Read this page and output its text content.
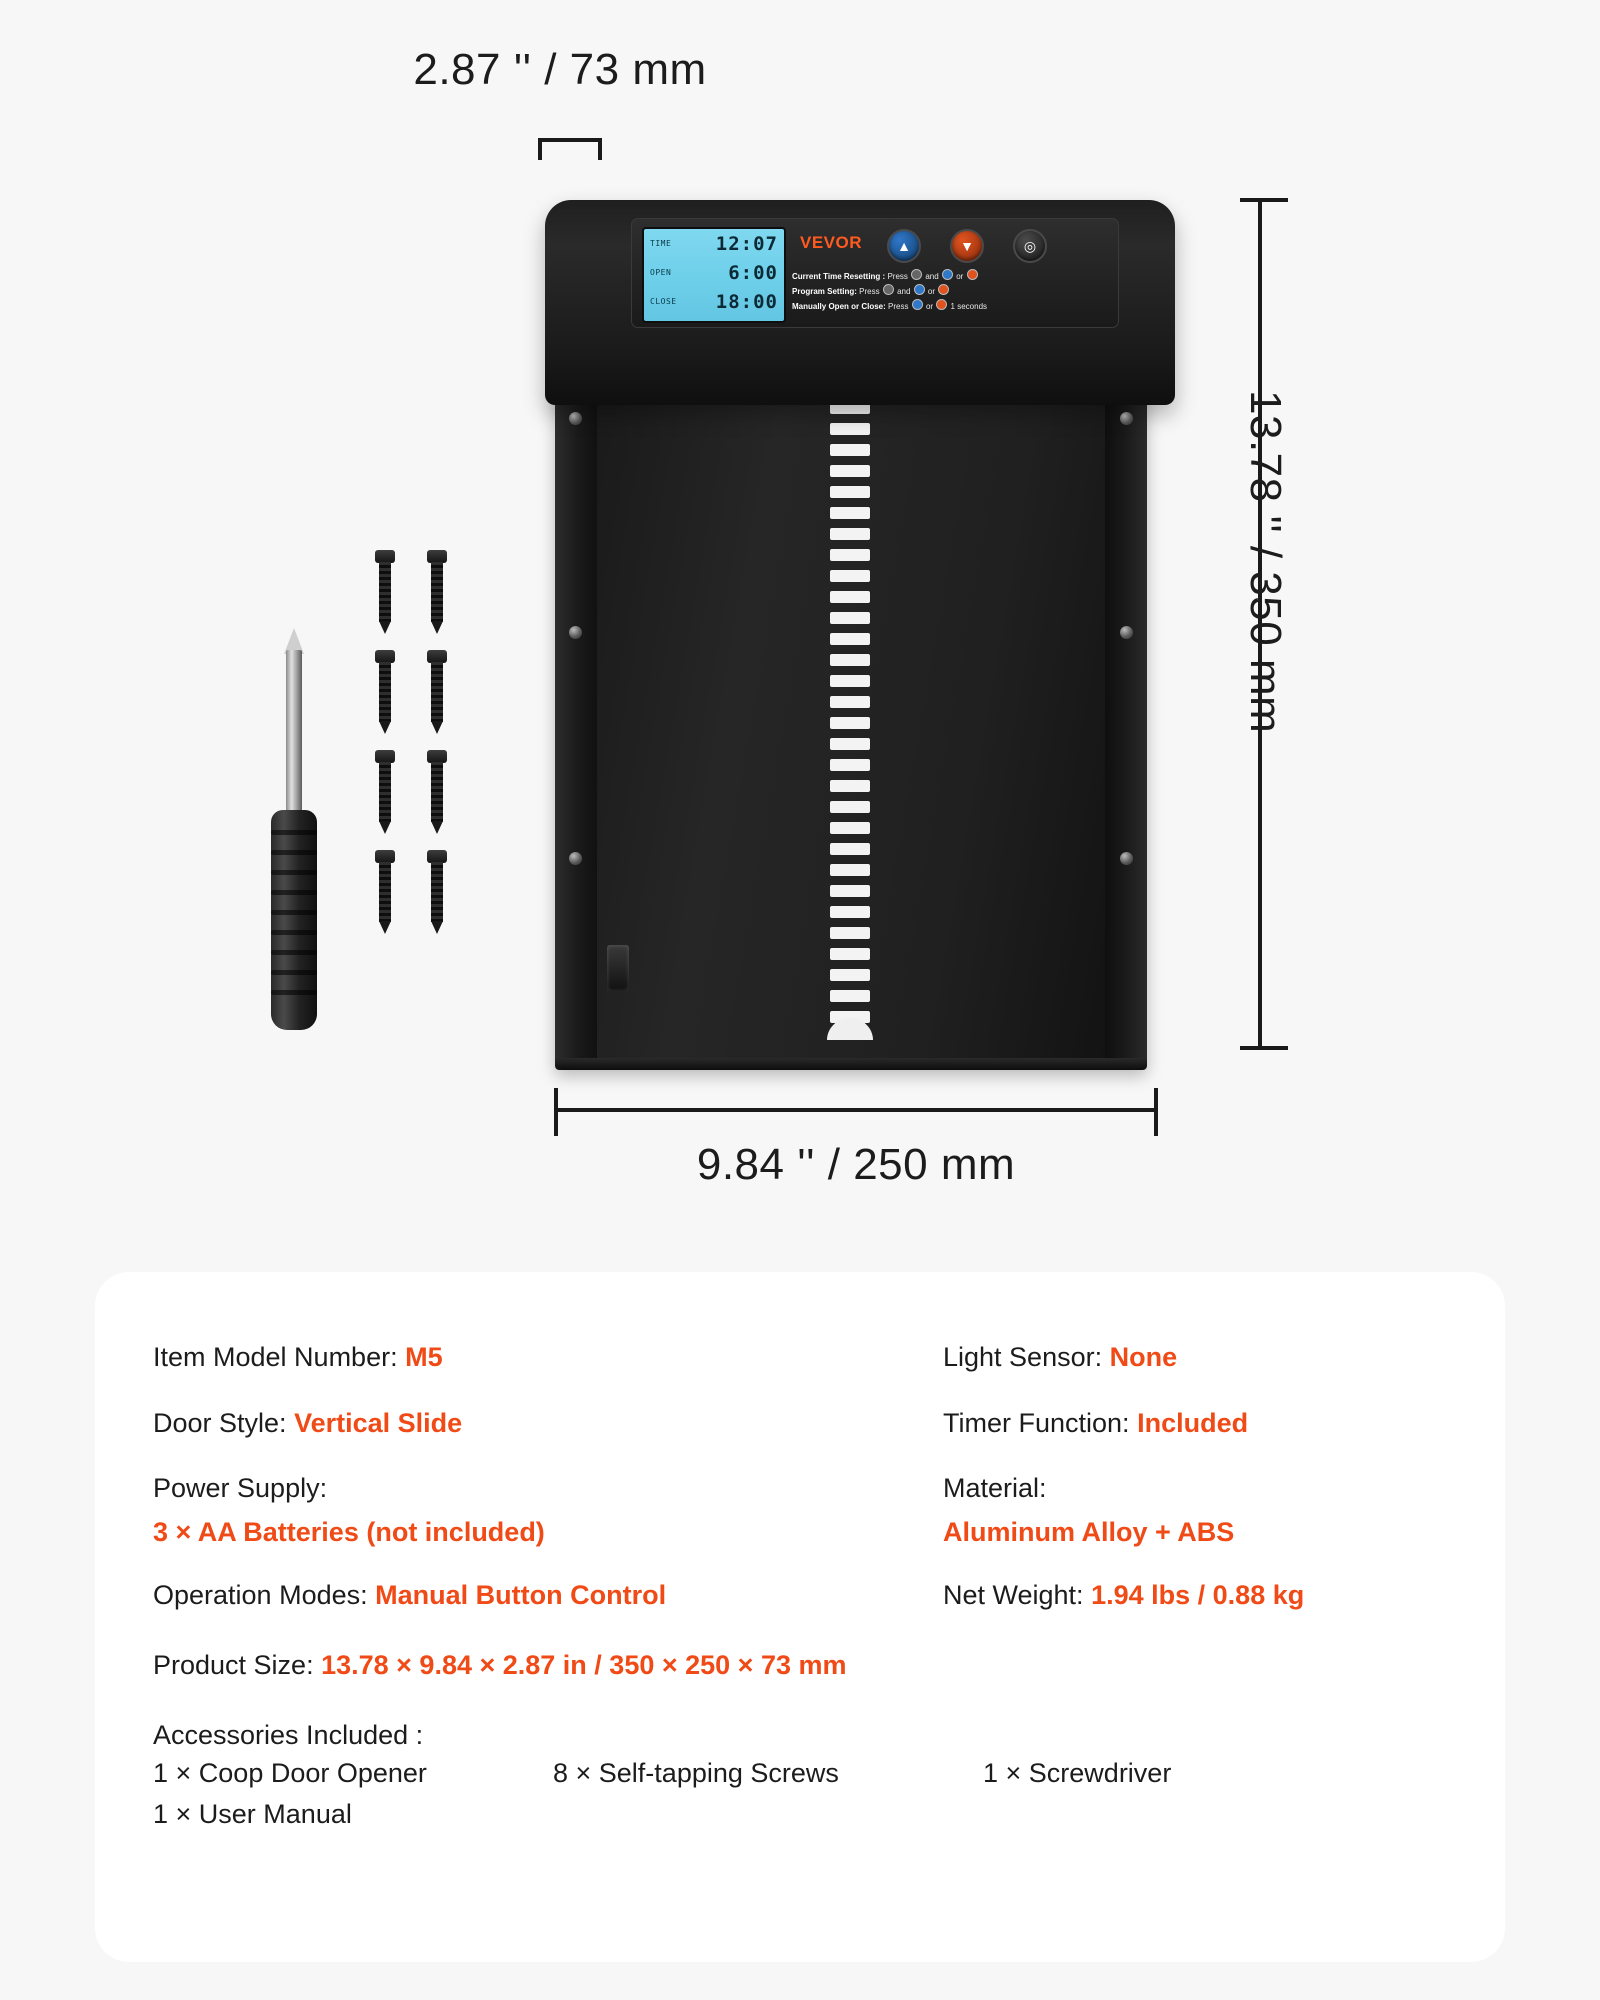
2.87 '' / 73 mm
13.78 '' / 350 mm
9.84 '' / 250 mm
TIME 12:07
OPEN	6:00
CLOSE 18:00
VEVOR	▲	▼	◎
Current Time Resetting : Press and or
Program Setting: Press and or
Manually Open or Close: Press or 1 seconds
Item Model Number: M5	Light Sensor: None
Door Style: Vertical Slide	Timer Function: Included
Power Supply:
3 × AA Batteries (not included)
Material:
Aluminum Alloy + ABS
Operation Modes: Manual Button Control	Net Weight: 1.94 lbs / 0.88 kg
Product Size: 13.78 × 9.84 × 2.87 in / 350 × 250 × 73 mm
Accessories Included :
1 × Coop Door Opener	8 × Self-tapping Screws	1 × Screwdriver
1 × User Manual
